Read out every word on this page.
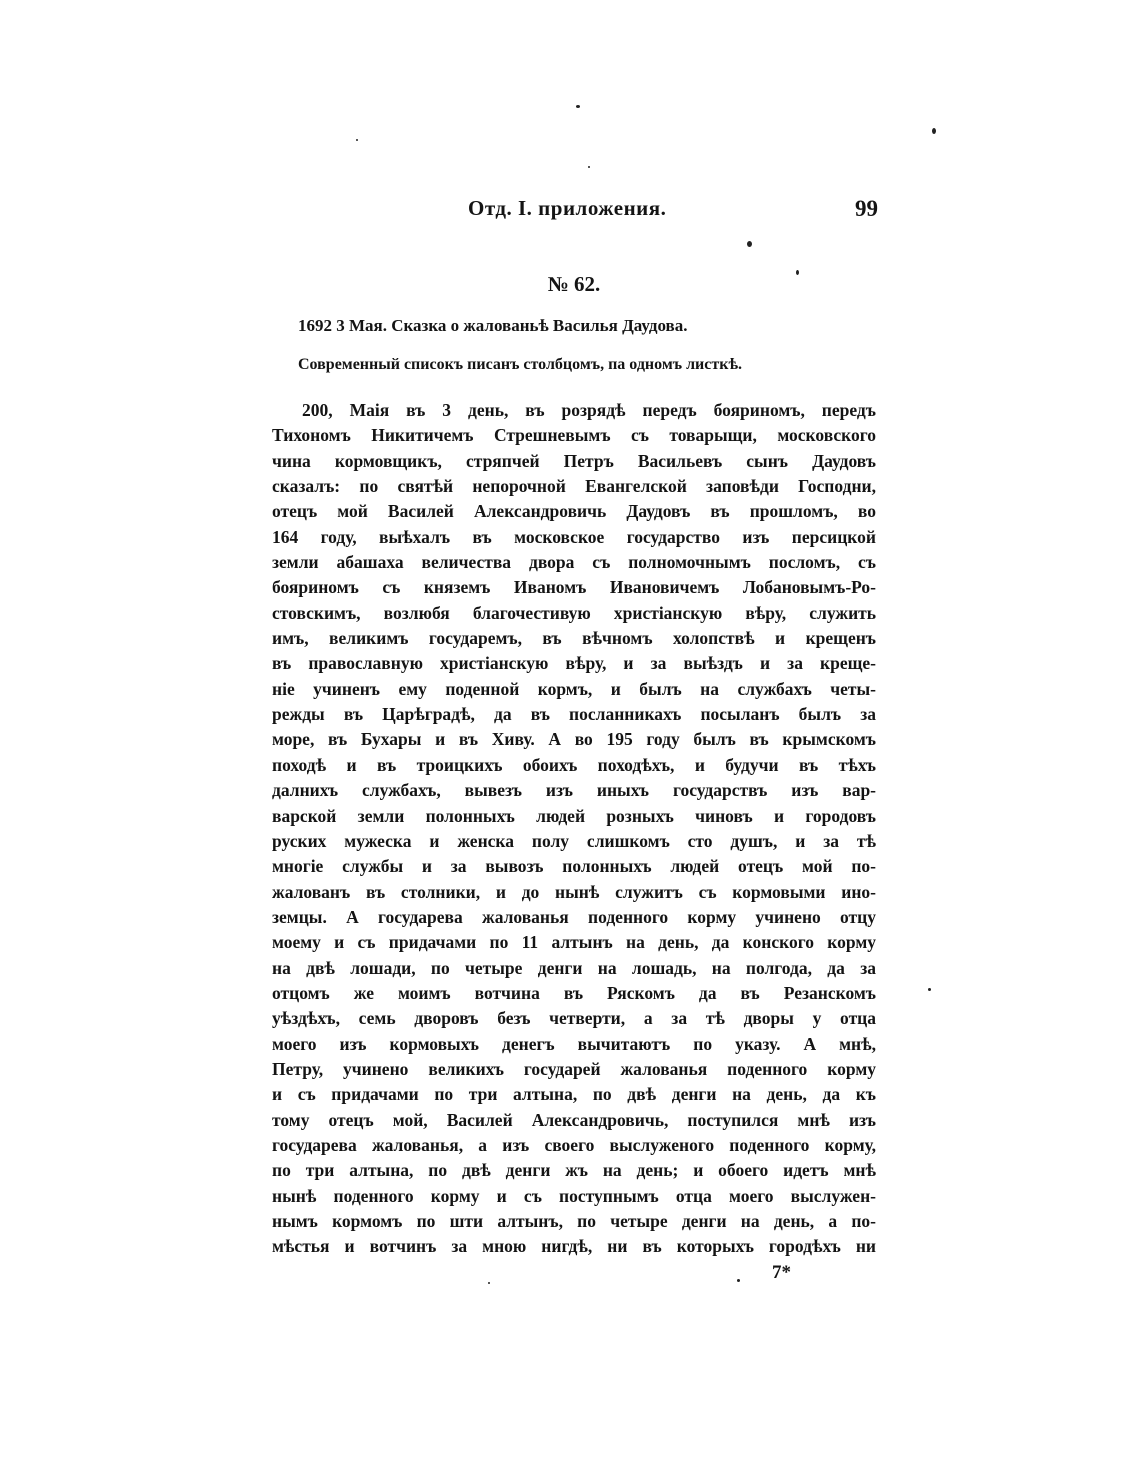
Отд. I. приложения.	99
№ 62.
1692 3 Мая. Сказка о жалованьѣ Василья Даудова.
Современный списокъ писанъ столбцомъ, па одномъ листкѣ.
200, Маія въ 3 день, въ розрядѣ передъ бояриномъ, передъ
Тихономъ Никитичемъ Стрешневымъ съ товарыщи, московского
чина кормовщикъ, стряпчей Петръ Васильевъ сынъ Даудовъ
сказалъ: по святѣй непорочной Евангелской заповѣди Господни,
отецъ мой Василей Александровичь Даудовъ въ прошломъ, во
164 году, выѣхалъ въ московское государство изъ персицкой
земли абашаха величества двора съ полномочнымъ посломъ, съ
бояриномъ съ княземъ Иваномъ Ивановичемъ Лобановымъ-Ро-
стовскимъ, возлюбя благочестивую христіанскую вѣру, служить
имъ, великимъ государемъ, въ вѣчномъ холопствѣ и крещенъ
въ православную христіанскую вѣру, и за выѣздъ и за креще-
ніе учиненъ ему поденной кормъ, и былъ на службахъ четы-
режды въ Царѣградѣ, да въ посланникахъ посыланъ былъ за
море, въ Бухары и въ Хиву. А во 195 году былъ въ крымскомъ
походѣ и въ троицкихъ обоихъ походѣхъ, и будучи въ тѣхъ
далнихъ службахъ, вывезъ изъ иныхъ государствъ изъ вар-
варской земли полонныхъ людей розныхъ чиновъ и городовъ
руских мужеска и женска полу слишкомъ сто душъ, и за тѣ
многіе службы и за вывозъ полонныхъ людей отецъ мой по-
жалованъ въ столники, и до нынѣ служитъ съ кормовыми ино-
земцы. А государева жалованья поденного корму учинено отцу
моему и съ придачами по 11 алтынъ на день, да конского корму
на двѣ лошади, по четыре денги на лошадь, на полгода, да за
отцомъ же моимъ вотчина въ Ряскомъ да въ Резанскомъ
уѣздѣхъ, семь дворовъ безъ четверти, а за тѣ дворы у отца
моего изъ кормовыхъ денегъ вычитаютъ по указу. А мнѣ,
Петру, учинено великихъ государей жалованья поденного корму
и съ придачами по три алтына, по двѣ денги на день, да къ
тому отецъ мой, Василей Александровичь, поступился мнѣ изъ
государева жалованья, а изъ своего выслуженого поденного корму,
по три алтына, по двѣ денги жъ на день; и обоего идетъ мнѣ
нынѣ поденного корму и съ поступнымъ отца моего выслужен-
нымъ кормомъ по шти алтынъ, по четыре денги на день, а по-
мѣстья и вотчинъ за мною нигдѣ, ни въ которыхъ городѣхъ ни
7*
